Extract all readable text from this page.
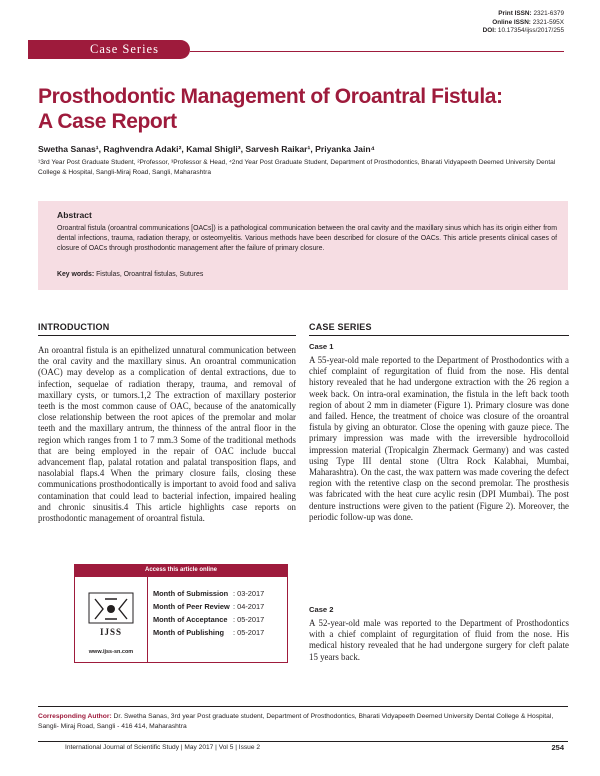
Print ISSN: 2321-6379
Online ISSN: 2321-595X
DOI: 10.17354/ijss/2017/255
Case Series
Prosthodontic Management of Oroantral Fistula:
A Case Report
Swetha Sanas¹, Raghvendra Adaki², Kamal Shigli³, Sarvesh Raikar¹, Priyanka Jain⁴
¹3rd Year Post Graduate Student, ²Professor, ³Professor & Head, ⁴2nd Year Post Graduate Student, Department of Prosthodontics, Bharati Vidyapeeth Deemed University Dental College & Hospital, Sangli-Miraj Road, Sangli, Maharashtra
Abstract
Oroantral fistula (oroantral communications [OACs]) is a pathological communication between the oral cavity and the maxillary sinus which has its origin either from dental infections, trauma, radiation therapy, or osteomyelitis. Various methods have been described for closure of the OACs. This article presents clinical cases of closure of OACs through prosthodontic management after the failure of primary closure.
Key words: Fistulas, Oroantral fistulas, Sutures
INTRODUCTION
An oroantral fistula is an epithelized unnatural communication between the oral cavity and the maxillary sinus. An oroantral communication (OAC) may develop as a complication of dental extractions, due to infection, sequelae of radiation therapy, trauma, and removal of maxillary cysts, or tumors.1,2 The extraction of maxillary posterior teeth is the most common cause of OAC, because of the anatomically close relationship between the root apices of the premolar and molar teeth and the maxillary antrum, the thinness of the antral floor in the region which ranges from 1 to 7 mm.3 Some of the traditional methods that are being employed in the repair of OAC include buccal advancement flap, palatal rotation and palatal transposition flaps, and nasolabial flaps.4 When the primary closure fails, closing these communications prosthodontically is important to avoid food and saliva contamination that could lead to bacterial infection, impaired healing and chronic sinusitis.4 This article highlights case reports on prosthodontic management of oroantral fistula.
Access this article online
IJSS
www.ijss-sn.com
Month of Submission : 03-2017
Month of Peer Review : 04-2017
Month of Acceptance : 05-2017
Month of Publishing	: 05-2017
CASE SERIES
Case 1
A 55-year-old male reported to the Department of Prosthodontics with a chief complaint of regurgitation of fluid from the nose. His dental history revealed that he had undergone extraction with the 26 region a week back. On intra-oral examination, the fistula in the left back tooth region of about 2 mm in diameter (Figure 1). Primary closure was done and failed. Hence, the treatment of choice was closure of the oroantral fistula by giving an obturator. Close the opening with gauze piece. The primary impression was made with the irreversible hydrocolloid impression material (Tropicalgin Zhermack Germany) and was casted using Type III dental stone (Ultra Rock Kalabhai, Mumbai, Maharashtra). On the cast, the wax pattern was made covering the defect region with the retentive clasp on the second premolar. The prosthesis was fabricated with the heat cure acylic resin (DPI Mumbai). The post denture instructions were given to the patient (Figure 2). Moreover, the periodic follow-up was done.
Case 2
A 52-year-old male was reported to the Department of Prosthodontics with a chief complaint of regurgitation of fluid from the nose. His medical history revealed that he had undergone surgery for cleft palate 15 years back.
Corresponding Author: Dr. Swetha Sanas, 3rd year Post graduate student, Department of Prosthodontics, Bharati Vidyapeeth Deemed University Dental College & Hospital, Sangli- Miraj Road, Sangli - 416 414, Maharashtra
International Journal of Scientific Study | May 2017 | Vol 5 | Issue 2	254
